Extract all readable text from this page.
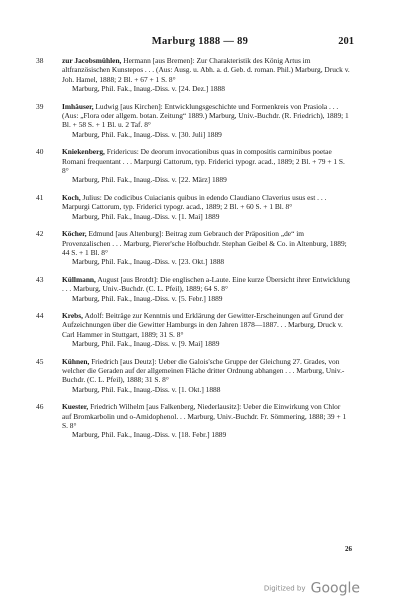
Marburg 1888 — 89	201
38	zur Jacobsmühlen, Hermann [aus Bremen]: Zur Charakteristik des König Artus im altfranzösischen Kunstepos . . . (Aus: Ausg. u. Abh. a. d. Geb. d. roman. Phil.) Marburg, Druck v. Joh. Hamel, 1888; 2 Bl. + 67 + 1 S. 8°
Marburg, Phil. Fak., Inaug.-Diss. v. [24. Dez.] 1888
39	Imhäuser, Ludwig [aus Kirchen]: Entwicklungsgeschichte und Formenkreis von Prasiola . . . (Aus: „Flora oder allgem. botan. Zeitung“ 1889.) Marburg, Univ.-Buchdr. (R. Friedrich), 1889; 1 Bl. + 58 S. + 1 Bl. u. 2 Taf. 8°
Marburg, Phil. Fak., Inaug.-Diss. v. [30. Juli] 1889
40	Kniekenberg, Fridericus: De deorum invocationibus quas in compositis carminibus poetae Romani frequentant . . . Marpurgi Cattorum, typ. Friderici typogr. acad., 1889; 2 Bl. + 79 + 1 S. 8°
Marburg, Phil. Fak., Inaug.-Diss. v. [22. März] 1889
41	Koch, Julius: De codicibus Cuiacianis quibus in edendo Claudiano Claverius usus est . . . Marpurgi Cattorum, typ. Friderici typogr. acad., 1889; 2 Bl. + 60 S. + 1 Bl. 8°
Marburg, Phil. Fak., Inaug.-Diss. v. [1. Mai] 1889
42	Köcher, Edmund [aus Altenburg]: Beitrag zum Gebrauch der Präposition „de“ im Provenzalischen . . . Marburg, Pierer'sche Hofbuchdr. Stephan Geibel & Co. in Altenburg, 1889; 44 S. + 1 Bl. 8°
Marburg, Phil. Fak., Inaug.-Diss. v. [23. Okt.] 1888
43	Küllmann, August [aus Brotdt]: Die englischen a-Laute. Eine kurze Übersicht ihrer Entwicklung . . . Marburg, Univ.-Buchdr. (C. L. Pfeil), 1889; 64 S. 8°
Marburg, Phil. Fak., Inaug.-Diss. v. [5. Febr.] 1889
44	Krebs, Adolf: Beiträge zur Kenntnis und Erklärung der Gewitter-Erscheinungen auf Grund der Aufzeichnungen über die Gewitter Hamburgs in den Jahren 1878—1887. . . Marburg, Druck v. Carl Hammer in Stuttgart, 1889; 31 S. 8°
Marburg, Phil. Fak., Inaug.-Diss. v. [9. Mai] 1889
45	Kühnen, Friedrich [aus Deutz]: Ueber die Galois'sche Gruppe der Gleichung 27. Grades, von welcher die Geraden auf der allgemeinen Fläche dritter Ordnung abhangen . . . Marburg, Univ.-Buchdr. (C. L. Pfeil), 1888; 31 S. 8°
Marburg, Phil. Fak., Inaug.-Diss. v. [1. Okt.] 1888
46	Kuester, Friedrich Wilhelm [aus Falkenberg, Niederlausitz]: Ueber die Einwirkung von Chlor auf Bromkarbolin und o-Amidophenol. . . Marburg, Univ.-Buchdr. Fr. Sömmering, 1888; 39 + 1 S. 8°
Marburg, Phil. Fak., Inaug.-Diss. v. [18. Febr.] 1889
26
Digitized by Google
